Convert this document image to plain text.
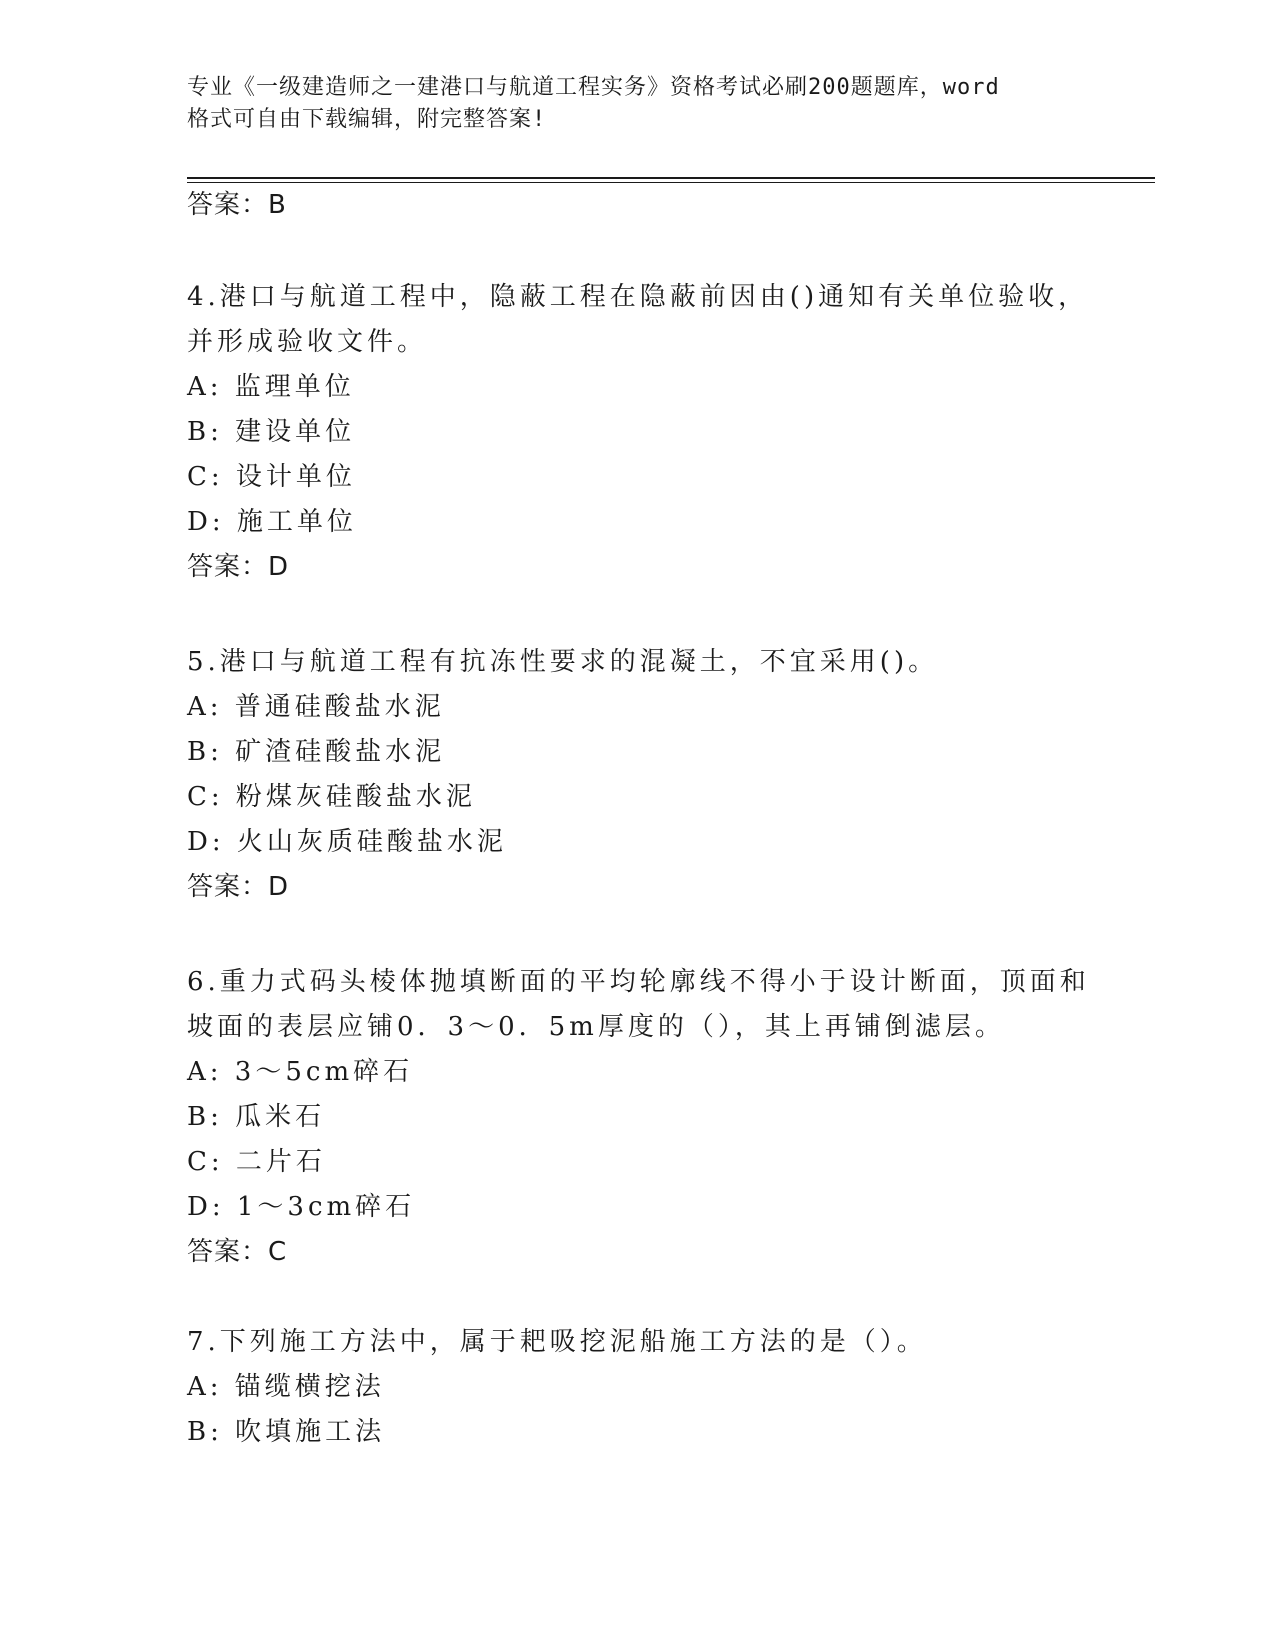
专业《一级建造师之一建港口与航道工程实务》资格考试必刷200题题库，word
格式可自由下载编辑，附完整答案!
答案：B
4.港口与航道工程中，隐蔽工程在隐蔽前因由()通知有关单位验收，
并形成验收文件。
A: 监理单位
B: 建设单位
C: 设计单位
D: 施工单位
答案：D
5.港口与航道工程有抗冻性要求的混凝土，不宜采用()。
A: 普通硅酸盐水泥
B: 矿渣硅酸盐水泥
C: 粉煤灰硅酸盐水泥
D: 火山灰质硅酸盐水泥
答案：D
6.重力式码头棱体抛填断面的平均轮廓线不得小于设计断面，顶面和
坡面的表层应铺0．3～0．5m厚度的（），其上再铺倒滤层。
A: 3～5cm碎石
B: 瓜米石
C: 二片石
D: 1～3cm碎石
答案：C
7.下列施工方法中，属于耙吸挖泥船施工方法的是（）。
A: 锚缆横挖法
B: 吹填施工法
